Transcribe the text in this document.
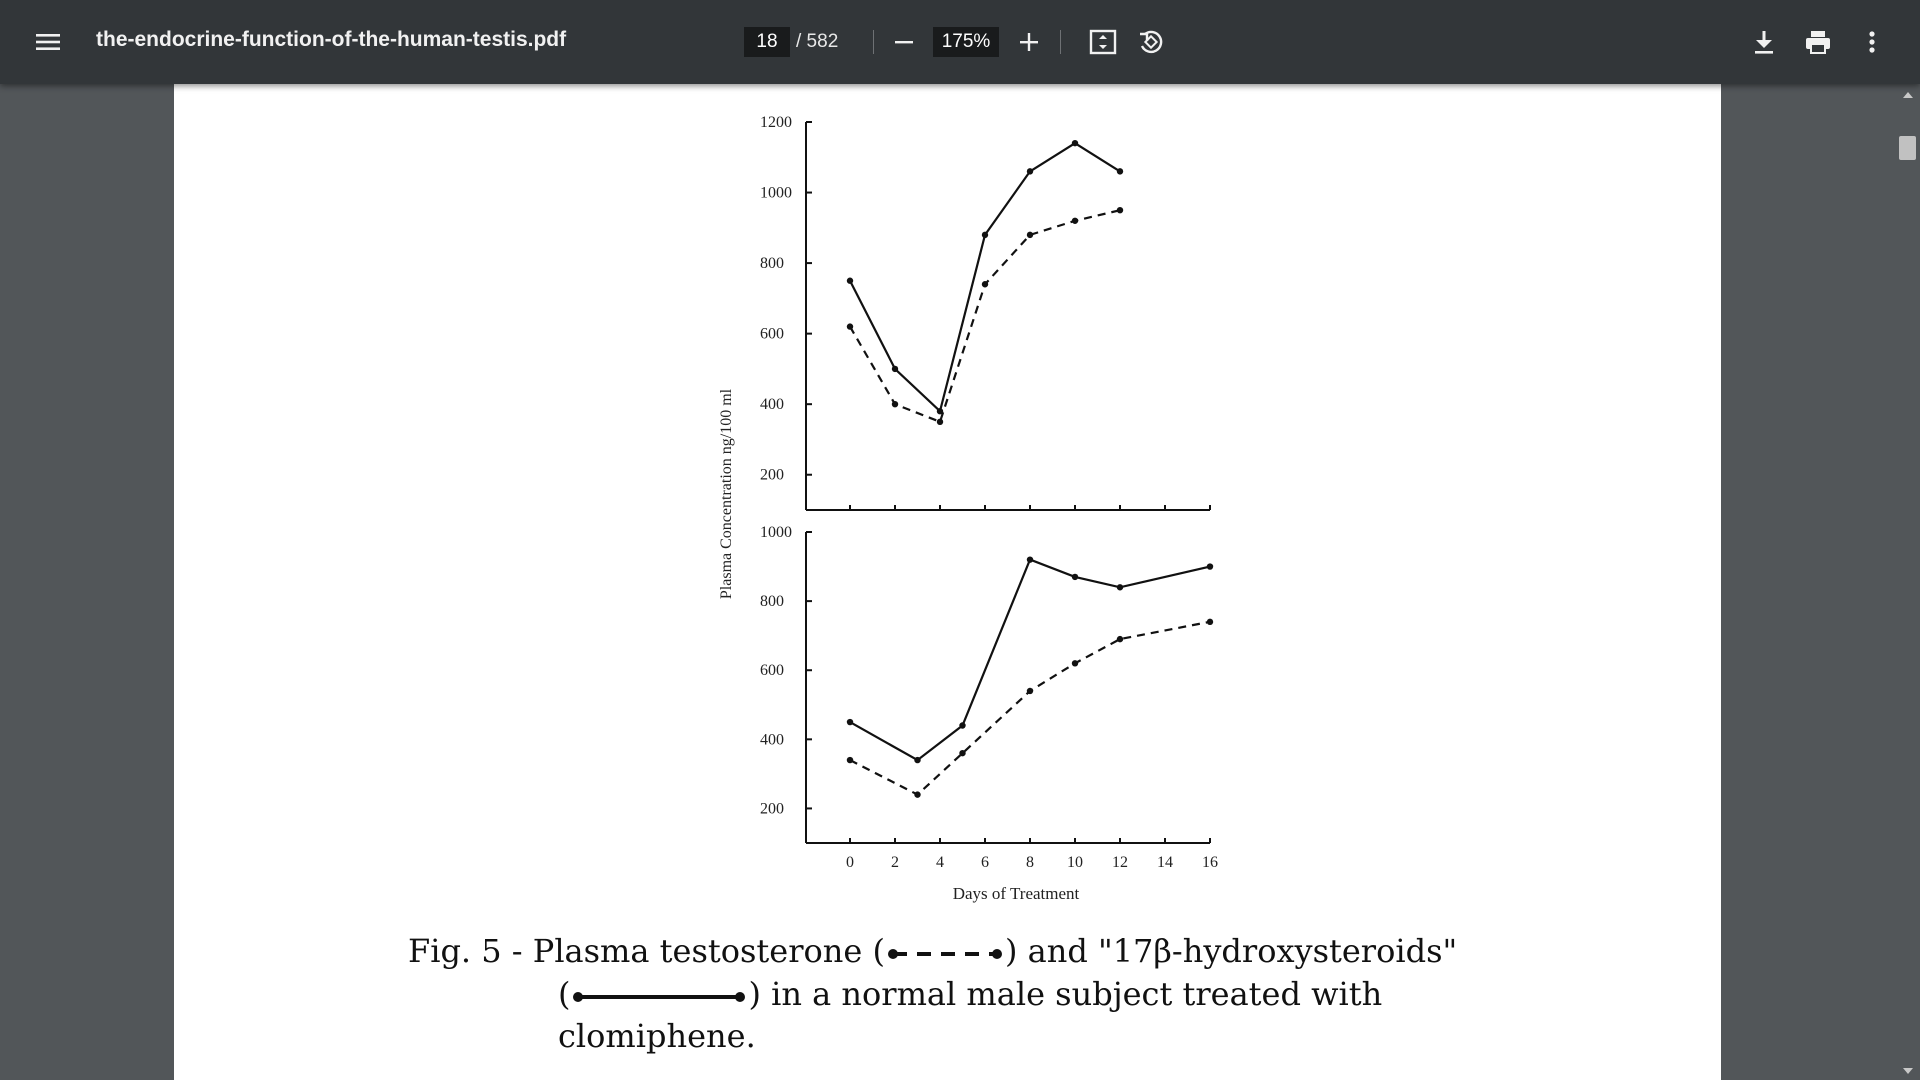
the-endocrine-function-of-the-human-testis.pdf
18	/ 582
175%
1200
1000
800
600
400
200
Plasma Concentration ng/100 ml 1000
800
600
400
200
0 2 4 6 8 10 12 14 16
Days of Treatment
Fig. 5 - Plasma testosterone (	) and "17β-hydroxysteroids"
(	) in a normal male subject treated with
clomiphene.
